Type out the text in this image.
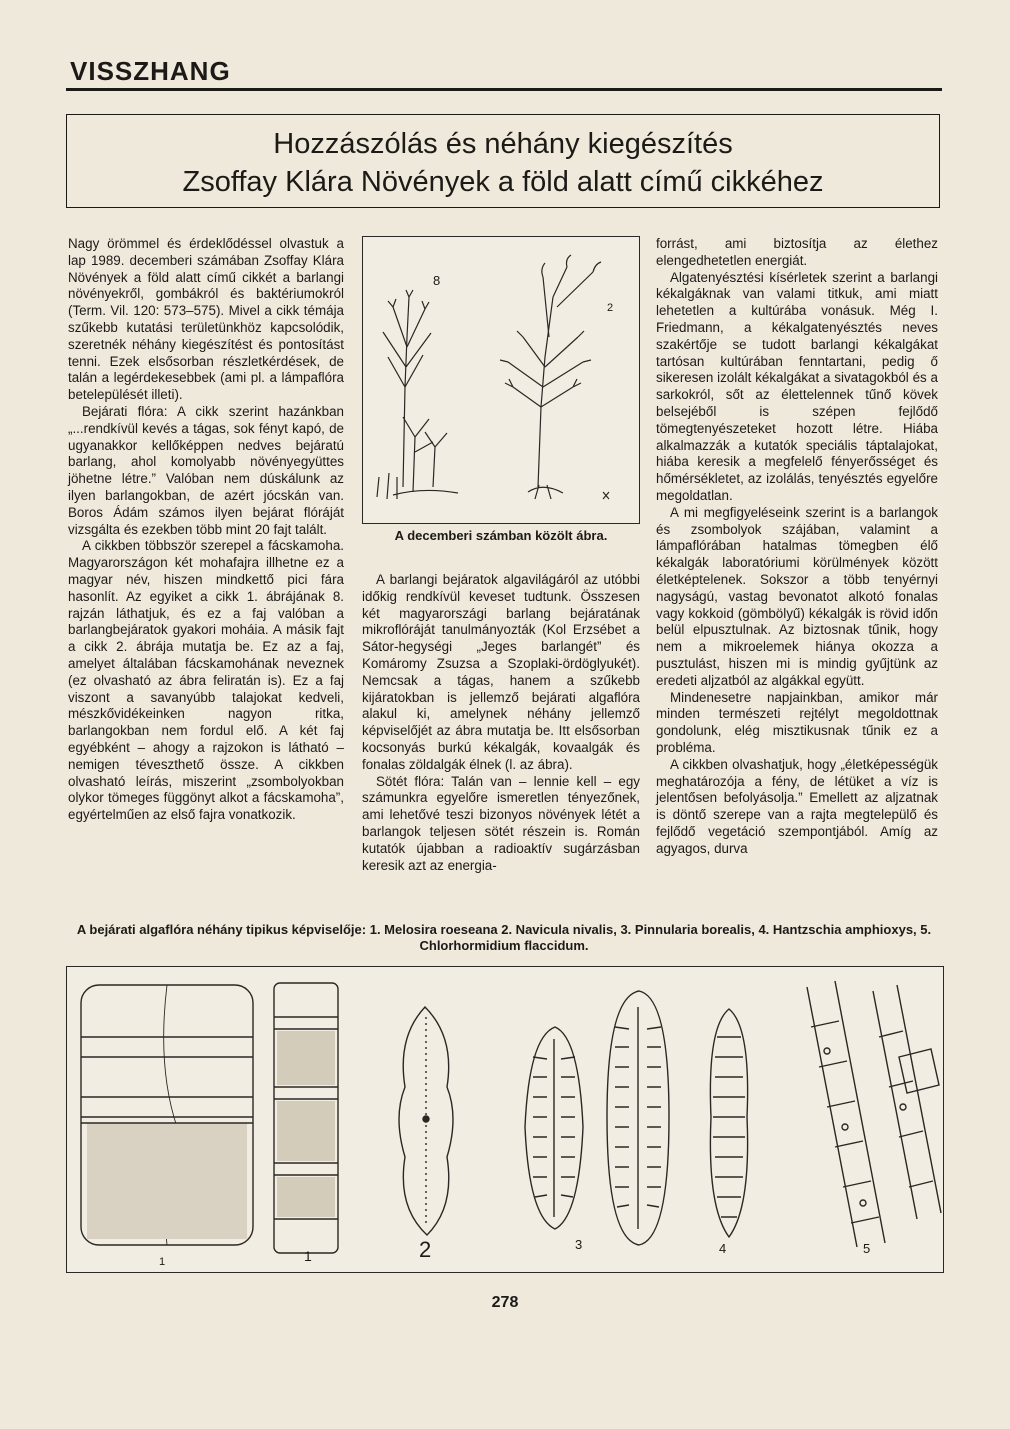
VISSZHANG
Hozzászólás és néhány kiegészítés
Zsoffay Klára Növények a föld alatt című cikkéhez

Nagy örömmel és érdeklődéssel olvastuk a lap 1989. decemberi számában Zsoffay Klára Növények a föld alatt című cikkét a barlangi növényekről, gombákról és baktériumokról (Term. Vil. 120: 573–575). Mivel a cikk témája szűkebb kutatási területünkhöz kapcsolódik, szeretnék néhány kiegészítést és pontosítást tenni. Ezek elsősorban részletkérdések, de talán a legérdekesebbek (ami pl. a lámpaflóra betelepülését illeti).

Bejárati flóra: A cikk szerint hazánkban „...rendkívül kevés a tágas, sok fényt kapó, de ugyanakkor kellőképpen nedves bejáratú barlang, ahol komolyabb növényegyüttes jöhetne létre.” Valóban nem dúskálunk az ilyen barlangokban, de azért jócskán van. Boros Ádám számos ilyen bejárat flóráját vizsgálta és ezekben több mint 20 fajt talált.

A cikkben többször szerepel a fácskamoha. Magyarországon két mohafajra illhetne ez a magyar név, hiszen mindkettő pici fára hasonlít. Az egyiket a cikk 1. ábrájának 8. rajzán láthatjuk, és ez a faj valóban a barlangbejáratok gyakori moháia. A másik fajt a cikk 2. ábrája mutatja be. Ez az a faj, amelyet általában fácskamohának neveznek (ez olvasható az ábra feliratán is). Ez a faj viszont a savanyúbb talajokat kedveli, mészkővidékeinken nagyon ritka, barlangokban nem fordul elő. A két faj egyébként – ahogy a rajzokon is látható – nemigen téveszthető össze. A cikkben olvasható leírás, miszerint „zsombolyokban olykor tömeges függönyt alkot a fácskamoha”, egyértelműen az első fajra vonatkozik.

8
2
A decemberi számban közölt ábra.

A barlangi bejáratok algavilágáról az utóbbi időkig rendkívül keveset tudtunk. Összesen két magyarországi barlang bejáratának mikroflóráját tanulmányozták (Kol Erzsébet a Sátor-hegységi „Jeges barlangét” és Komáromy Zsuzsa a Szoplaki-ördöglyukét). Nemcsak a tágas, hanem a szűkebb kijáratokban is jellemző bejárati algaflóra alakul ki, amelynek néhány jellemző képviselőjét az ábra mutatja be. Itt elsősorban kocsonyás burkú kékalgák, kovaalgák és fonalas zöldalgák élnek (l. az ábra).

Sötét flóra: Talán van – lennie kell – egy számunkra egyelőre ismeretlen tényezőnek, ami lehetővé teszi bizonyos növények létét a barlangok teljesen sötét részein is. Román kutatók újabban a radioaktív sugárzásban keresik azt az energia-

forrást, ami biztosítja az élethez elengedhetetlen energiát.

Algatenyésztési kísérletek szerint a barlangi kékalgáknak van valami titkuk, ami miatt lehetetlen a kultúrába vonásuk. Még I. Friedmann, a kékalgatenyésztés neves szakértője se tudott barlangi kékalgákat tartósan kultúrában fenntartani, pedig ő sikeresen izolált kékalgákat a sivatagokból és a sarkokról, sőt az élettelennek tűnő kövek belsejéből is szépen fejlődő tömegtenyészeteket hozott létre. Hiába alkalmazzák a kutatók speciális táptalajokat, hiába keresik a megfelelő fényerősséget és hőmérsékletet, az izolálás, tenyésztés egyelőre megoldatlan.

A mi megfigyeléseink szerint is a barlangok és zsombolyok szájában, valamint a lámpaflórában hatalmas tömegben élő kékalgák laboratóriumi körülmények között életképtelenek. Sokszor a több tenyérnyi nagyságú, vastag bevonatot alkotó fonalas vagy kokkoid (gömbölyű) kékalgák is rövid időn belül elpusztulnak. Az biztosnak tűnik, hogy nem a mikroelemek hiánya okozza a pusztulást, hiszen mi is mindig gyűjtünk az eredeti aljzatból az algákkal együtt.

Mindenesetre napjainkban, amikor már minden természeti rejtélyt megoldottnak gondolunk, elég misztikusnak tűnik ez a probléma.

A cikkben olvashatjuk, hogy „életképességük meghatározója a fény, de létüket a víz is jelentősen befolyásolja.” Emellett az aljzatnak is döntő szerepe van a rajta megtelepülő és fejlődő vegetáció szempontjából. Amíg az agyagos, durva

A bejárati algaflóra néhány tipikus képviselője: 1. Melosira roeseana 2. Navicula nivalis, 3. Pinnularia borealis, 4. Hantzschia amphioxys, 5. Chlorhormidium flaccidum.
1	1	2	3	4	5
278
